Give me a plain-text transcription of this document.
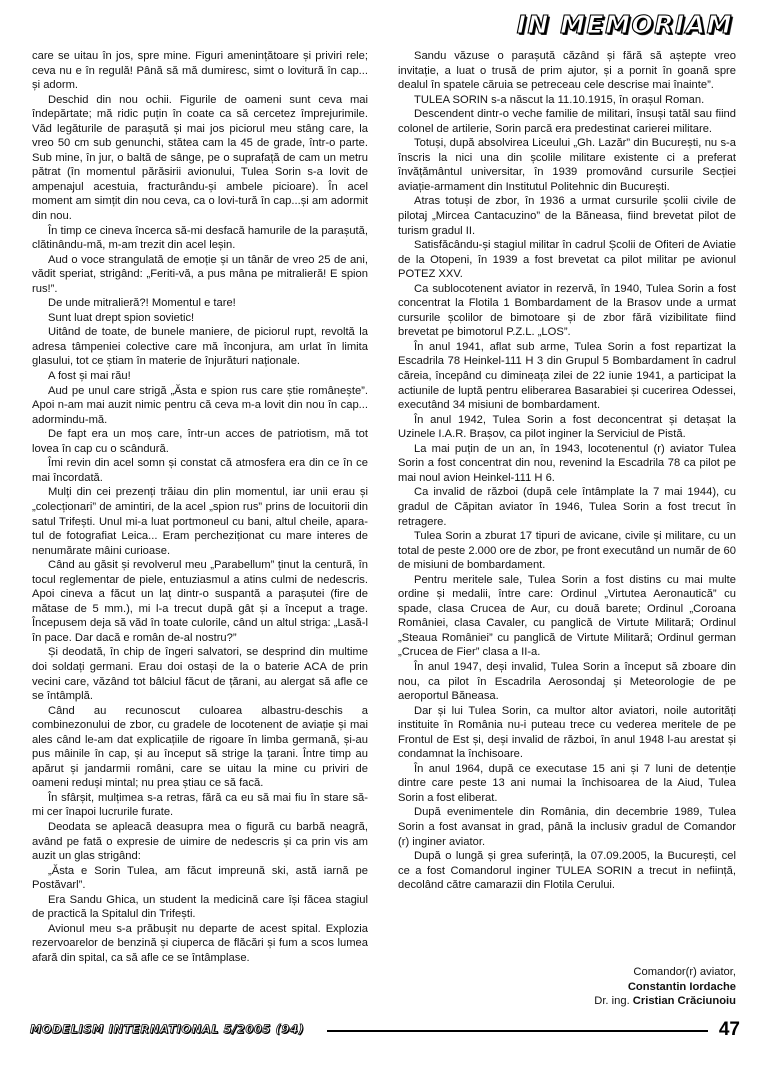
IN MEMORIAM

care se uitau în jos, spre mine. Figuri amenințătoare și priviri rele; ceva nu e în regulă! Până să mă dumiresc, simt o lovitură în cap... și adorm.

Deschid din nou ochii. Figurile de oameni sunt ceva mai îndepărtate; mă ridic puțin în coate ca să cercetez împrejurimile. Văd legăturile de parașută și mai jos piciorul meu stâng care, la vreo 50 cm sub genunchi, stătea cam la 45 de grade, într-o parte. Sub mine, în jur, o baltă de sânge, pe o suprafață de cam un metru pătrat (în momentul părăsirii avionului, Tulea Sorin s-a lovit de ampenajul acestuia, fracturându-și ambele picioare). În acel moment am simțit din nou ceva, ca o lovi-tură în cap...și am adormit din nou.

În timp ce cineva încerca să-mi desfacă hamurile de la parașută, clătinându-mă, m-am trezit din acel leșin.

Aud o voce strangulată de emoție și un tânăr de vreo 25 de ani, vădit speriat, strigând: „Feriti-vă, a pus mâna pe mitralieră! E spion rus!”.

De unde mitralieră?! Momentul e tare!

Sunt luat drept spion sovietic!

Uitând de toate, de bunele maniere, de piciorul rupt, revoltă la adresa tâmpeniei colective care mă înconjura, am urlat în limita glasului, tot ce știam în materie de înjurături naționale.

A fost și mai rău!

Aud pe unul care strigă „Ăsta e spion rus care știe românește”. Apoi n-am mai auzit nimic pentru că ceva m-a lovit din nou în cap... adormindu-mă.

De fapt era un moș care, într-un acces de patriotism, mă tot lovea în cap cu o scândură.

Îmi revin din acel somn și constat că atmosfera era din ce în ce mai încordată.

Mulți din cei prezenți trăiau din plin momentul, iar unii erau și „colecționari” de amintiri, de la acel „spion rus” prins de locuitorii din satul Trifești. Unul mi-a luat portmoneul cu bani, altul cheile, apara-tul de fotografiat Leica... Eram percheziționat cu mare interes de nenumărate mâini curioase.

Când au găsit și revolverul meu „Parabellum” ținut la centură, în tocul reglementar de piele, entuziasmul a atins culmi de nedescris. Apoi cineva a făcut un laț dintr-o suspantă a parașutei (fire de mătase de 5 mm.), mi l-a trecut după gât și a început a trage. Începusem deja să văd în toate culorile, când un altul striga: „Lasă-l în pace. Dar dacă e român de-al nostru?”

Și deodată, în chip de îngeri salvatori, se desprind din multime doi soldați germani. Erau doi ostași de la o baterie ACA de prin vecini care, văzând tot bâlciul făcut de țărani, au alergat să afle ce se întâmplă.

Când au recunoscut culoarea albastru-deschis a combinezonului de zbor, cu gradele de locotenent de aviație și mai ales când le-am dat explicațiile de rigoare în limba germană, și-au pus mâinile în cap, și au început să strige la țarani. Între timp au apărut și jandarmii români, care se uitau la mine cu priviri de oameni reduși mintal; nu prea știau ce să facă.

În sfârșit, mulțimea s-a retras, fără ca eu să mai fiu în stare să-mi cer înapoi lucrurile furate.

Deodata se apleacă deasupra mea o figură cu barbă neagră, având pe fată o expresie de uimire de nedescris și ca prin vis am auzit un glas strigând:

„Ăsta e Sorin Tulea, am făcut impreună ski, astă iarnă pe Postăvarl”.

Era Sandu Ghica, un student la medicină care își făcea stagiul de practică la Spitalul din Trifești.

Avionul meu s-a prăbușit nu departe de acest spital. Explozia rezervoarelor de benzină și ciuperca de flăcări și fum a scos lumea afară din spital, ca să afle ce se întâmplase.

Sandu văzuse o parașută căzând și fără să aștepte vreo invitație, a luat o trusă de prim ajutor, și a pornit în goană spre dealul în spatele căruia se petreceau cele descrise mai înainte”.

TULEA SORIN s-a născut la 11.10.1915, în orașul Roman.

Descendent dintr-o veche familie de militari, însuși tatăl sau fiind colonel de artilerie, Sorin parcă era predestinat carierei militare.

Totuși, după absolvirea Liceului „Gh. Lazăr” din București, nu s-a înscris la nici una din școlile militare existente ci a preferat învățământul universitar, în 1939 promovând cursurile Secției aviație-armament din Institutul Politehnic din București.

Atras totuși de zbor, în 1936 a urmat cursurile școlii civile de pilotaj „Mircea Cantacuzino” de la Băneasa, fiind brevetat pilot de turism gradul II.

Satisfăcându-și stagiul militar în cadrul Școlii de Ofiteri de Aviatie de la Otopeni, în 1939 a fost brevetat ca pilot militar pe avionul POTEZ XXV.

Ca sublocotenent aviator in rezervă, în 1940, Tulea Sorin a fost concentrat la Flotila 1 Bombardament de la Brasov unde a urmat cursurile școlilor de bimotoare și de zbor fără vizibilitate fiind brevetat pe bimotorul P.Z.L. „LOS”.

În anul 1941, aflat sub arme, Tulea Sorin a fost repartizat la Escadrila 78 Heinkel-111 H 3 din Grupul 5 Bombardament în cadrul căreia, începând cu dimineața zilei de 22 iunie 1941, a participat la actiunile de luptă pentru eliberarea Basarabiei și cucerirea Odessei, executând 34 misiuni de bombardament.

În anul 1942, Tulea Sorin a fost deconcentrat și detașat la Uzinele I.A.R. Brașov, ca pilot inginer la Serviciul de Pistă.

La mai puțin de un an, în 1943, locotenentul (r) aviator Tulea Sorin a fost concentrat din nou, revenind la Escadrila 78 ca pilot pe mai noul avion Heinkel-111 H 6.

Ca invalid de război (după cele întâmplate la 7 mai 1944), cu gradul de Căpitan aviator în 1946, Tulea Sorin a fost trecut în retragere.

Tulea Sorin a zburat 17 tipuri de avicane, civile și militare, cu un total de peste 2.000 ore de zbor, pe front executând un număr de 60 de misiuni de bombardament.

Pentru meritele sale, Tulea Sorin a fost distins cu mai multe ordine și medalii, între care: Ordinul „Virtutea Aeronautică” cu spade, clasa Crucea de Aur, cu două barete; Ordinul „Coroana României, clasa Cavaler, cu panglică de Virtute Militară; Ordinul „Steaua României” cu panglică de Virtute Militară; Ordinul german „Crucea de Fier” clasa a II-a.

În anul 1947, deși invalid, Tulea Sorin a început să zboare din nou, ca pilot în Escadrila Aerosondaj și Meteorologie de pe aeroportul Băneasa.

Dar și lui Tulea Sorin, ca multor altor aviatori, noile autorități instituite în România nu-i puteau trece cu vederea meritele de pe Frontul de Est și, deși invalid de război, în anul 1948 l-au arestat și condamnat la închisoare.

În anul 1964, după ce executase 15 ani și 7 luni de detenție dintre care peste 13 ani numai la închisoarea de la Aiud, Tulea Sorin a fost eliberat.

După evenimentele din România, din decembrie 1989, Tulea Sorin a fost avansat in grad, până la inclusiv gradul de Comandor (r) inginer aviator.

După o lungă și grea suferință, la 07.09.2005, la București, cel ce a fost Comandorul inginer TULEA SORIN a trecut in neființă, decolând către camarazii din Flotila Cerului.

Comandor(r) aviator,
Constantin Iordache
Dr. ing. Cristian Crăciunoiu
MODELISM INTERNATIONAL 5/2005 (94)	47
